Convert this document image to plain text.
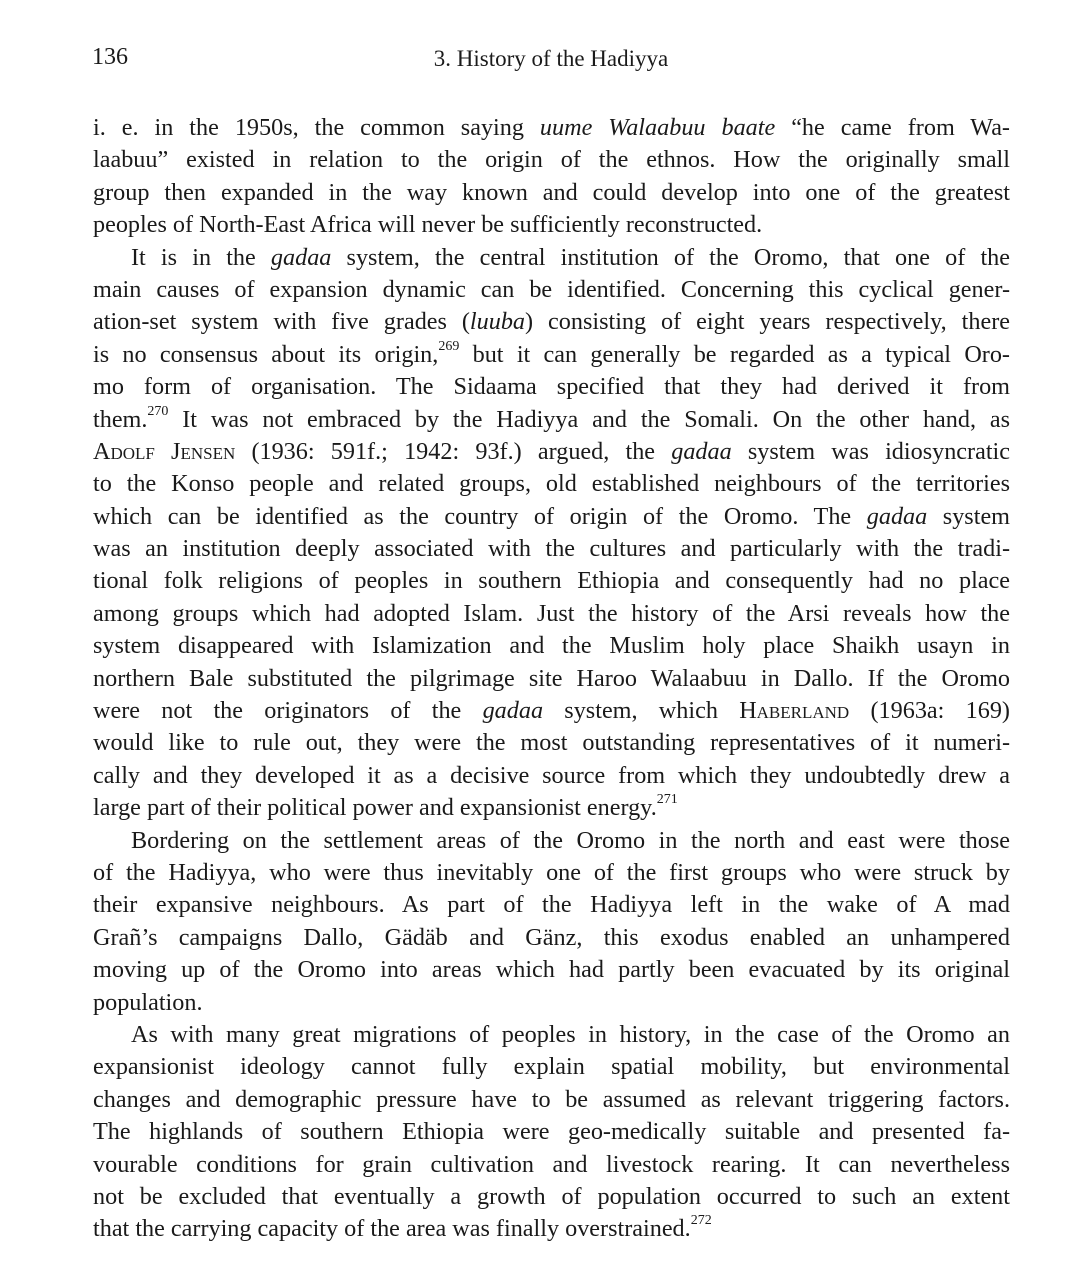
136	3. History of the Hadiyya
i. e. in the 1950s, the common saying uume Walaabuu baate “he came from Wa-
laabuu” existed in relation to the origin of the ethnos. How the originally small
group then expanded in the way known and could develop into one of the greatest
peoples of North-East Africa will never be sufficiently reconstructed.
It is in the gadaa system, the central institution of the Oromo, that one of the
main causes of expansion dynamic can be identified. Concerning this cyclical gener-
ation-set system with five grades (luuba) consisting of eight years respectively, there
is no consensus about its origin,$^{269}$ but it can generally be regarded as a typical Oro-
mo form of organisation. The Sidaama specified that they had derived it from
them.$^{270}$ It was not embraced by the Hadiyya and the Somali. On the other hand, as
Adolf Jensen (1936: 591f.; 1942: 93f.) argued, the gadaa system was idiosyncratic
to the Konso people and related groups, old established neighbours of the territories
which can be identified as the country of origin of the Oromo. The gadaa system
was an institution deeply associated with the cultures and particularly with the tradi-
tional folk religions of peoples in southern Ethiopia and consequently had no place
among groups which had adopted Islam. Just the history of the Arsi reveals how the
system disappeared with Islamization and the Muslim holy place Shaikh usayn in
northern Bale substituted the pilgrimage site Haroo Walaabuu in Dallo. If the Oromo
were not the originators of the gadaa system, which Haberland (1963a: 169)
would like to rule out, they were the most outstanding representatives of it numeri-
cally and they developed it as a decisive source from which they undoubtedly drew a
large part of their political power and expansionist energy.$^{271}$
Bordering on the settlement areas of the Oromo in the north and east were those
of the Hadiyya, who were thus inevitably one of the first groups who were struck by
their expansive neighbours. As part of the Hadiyya left in the wake of A mad
Grañ’s campaigns Dallo, Gädäb and Gänz, this exodus enabled an unhampered
moving up of the Oromo into areas which had partly been evacuated by its original
population.
As with many great migrations of peoples in history, in the case of the Oromo an
expansionist ideology cannot fully explain spatial mobility, but environmental
changes and demographic pressure have to be assumed as relevant triggering factors.
The highlands of southern Ethiopia were geo-medically suitable and presented fa-
vourable conditions for grain cultivation and livestock rearing. It can nevertheless
not be excluded that eventually a growth of population occurred to such an extent
that the carrying capacity of the area was finally overstrained.$^{272}$
